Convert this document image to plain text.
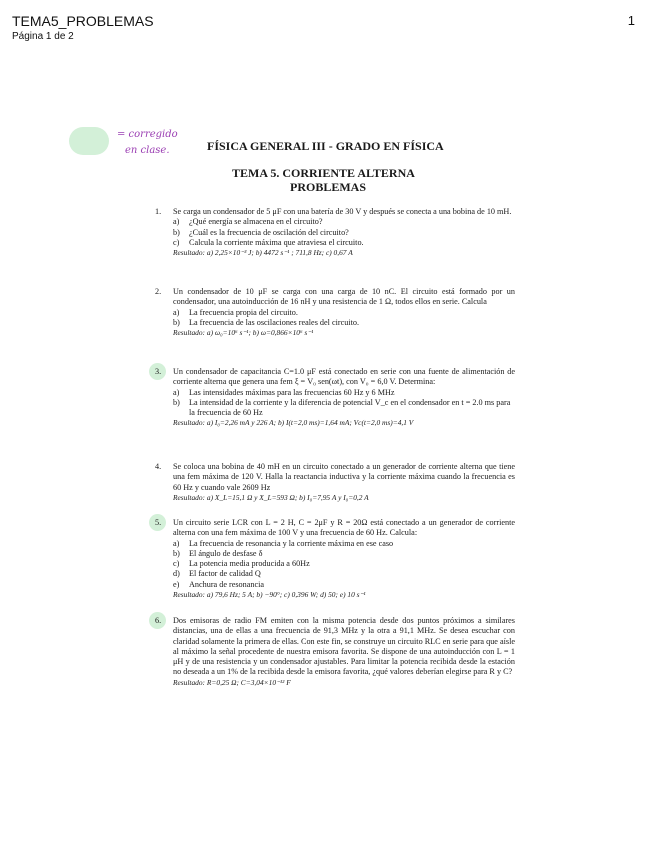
TEMA5_PROBLEMAS
Página 1 de 2
1
= corregido
en clase.	FÍSICA GENERAL III - GRADO EN FÍSICA
TEMA 5. CORRIENTE ALTERNA
PROBLEMAS
1. Se carga un condensador de 5 μF con una batería de 30 V y después se conecta a una bobina de 10 mH.

a) ¿Qué energía se almacena en el circuito?
b) ¿Cuál es la frecuencia de oscilación del circuito?
c) Calcula la corriente máxima que atraviesa el circuito.
Resultado: a) 2,25×10⁻³ J; b) 4472 s⁻¹ ; 711,8 Hz; c) 0,67 A
2. Un condensador de 10 μF se carga con una carga de 10 nC. El circuito está formado por un condensador, una autoinducción de 16 nH y una resistencia de 1 Ω, todos ellos en serie. Calcula

a) La frecuencia propia del circuito.
b) La frecuencia de las oscilaciones reales del circuito.
Resultado: a) ω₀=10⁶ s⁻¹; b) ω=0,866×10⁶ s⁻¹
3. Un condensador de capacitancia C=1.0 μF está conectado en serie con una fuente de alimentación de corriente alterna que genera una fem ξ = V₀ sen(ωt), con V₀ = 6,0 V. Determina:

a) Las intensidades máximas para las frecuencias 60 Hz y 6 MHz
b) La intensidad de la corriente y la diferencia de potencial V_c en el condensador en t = 2.0 ms para la frecuencia de 60 Hz
Resultado: a) I₀=2,26 mA y 226 A; b) I(t=2,0 ms)=1,64 mA; Vc(t=2,0 ms)=4,1 V
4. Se coloca una bobina de 40 mH en un circuito conectado a un generador de corriente alterna que tiene una fem máxima de 120 V. Halla la reactancia inductiva y la corriente máxima cuando la frecuencia es 60 Hz y cuando vale 2609 Hz

Resultado: a) X_L=15,1 Ω y X_L=593 Ω; b) I₀=7,95 A y I₀=0,2 A
5. Un circuito serie LCR con L = 2 H, C = 2μF y R = 20Ω está conectado a un generador de corriente alterna con una fem máxima de 100 V y una frecuencia de 60 Hz. Calcula:

a) La frecuencia de resonancia y la corriente máxima en ese caso
b) El ángulo de desfase δ
c) La potencia media producida a 60Hz
d) El factor de calidad Q
e) Anchura de resonancia
Resultado: a) 79,6 Hz; 5 A; b) −90°; c) 0,396 W; d) 50; e) 10 s⁻¹
6. Dos emisoras de radio FM emiten con la misma potencia desde dos puntos próximos a similares distancias, una de ellas a una frecuencia de 91,3 MHz y la otra a 91,1 MHz. Se desea escuchar con claridad solamente la primera de ellas. Con este fin, se construye un circuito RLC en serie para que aísle al máximo la señal procedente de nuestra emisora favorita. Se dispone de una autoinducción con L = 1 μH y de una resistencia y un condensador ajustables. Para limitar la potencia recibida desde la estación no deseada a un 1% de la recibida desde la emisora favorita, ¿qué valores deberían elegirse para R y C?

Resultado: R=0,25 Ω; C=3,04×10⁻¹² F
